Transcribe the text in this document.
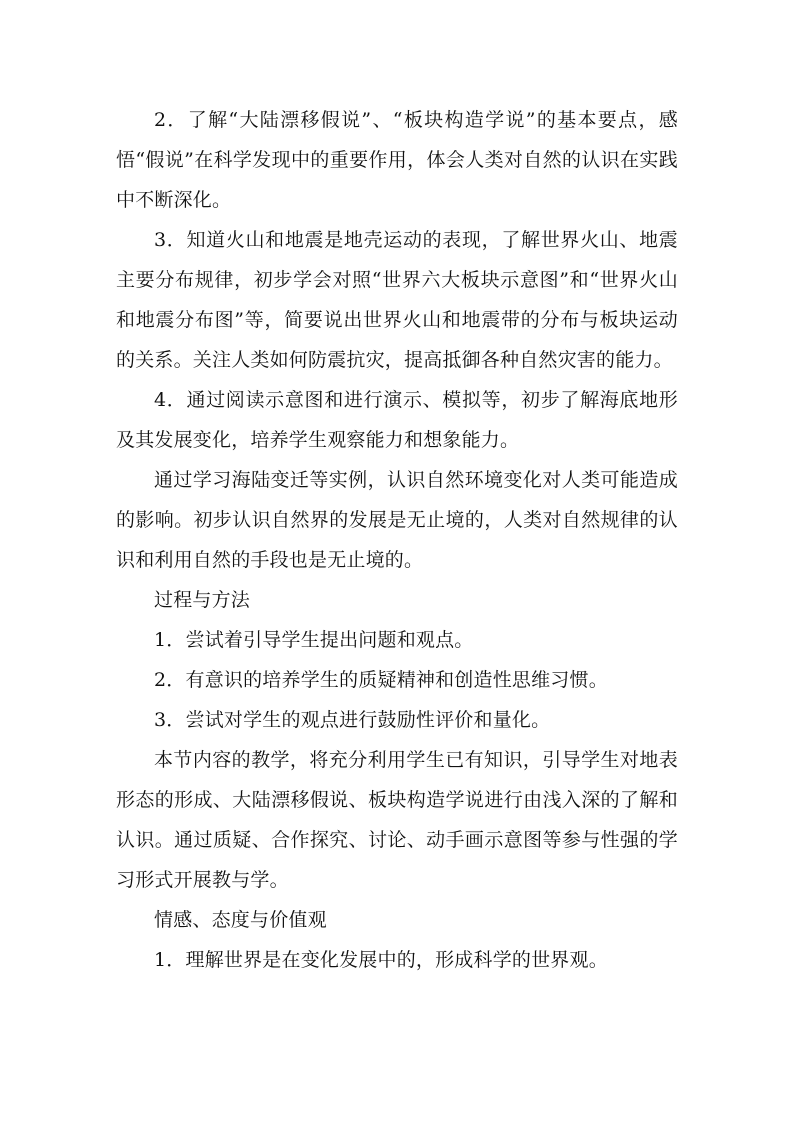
2．了解“大陆漂移假说”、“板块构造学说”的基本要点，感悟“假说”在科学发现中的重要作用，体会人类对自然的认识在实践中不断深化。

3．知道火山和地震是地壳运动的表现，了解世界火山、地震主要分布规律，初步学会对照“世界六大板块示意图”和“世界火山和地震分布图”等，简要说出世界火山和地震带的分布与板块运动的关系。关注人类如何防震抗灾，提高抵御各种自然灾害的能力。

4．通过阅读示意图和进行演示、模拟等，初步了解海底地形及其发展变化，培养学生观察能力和想象能力。

通过学习海陆变迁等实例，认识自然环境变化对人类可能造成的影响。初步认识自然界的发展是无止境的，人类对自然规律的认识和利用自然的手段也是无止境的。

过程与方法

1．尝试着引导学生提出问题和观点。

2．有意识的培养学生的质疑精神和创造性思维习惯。

3．尝试对学生的观点进行鼓励性评价和量化。

本节内容的教学，将充分利用学生已有知识，引导学生对地表形态的形成、大陆漂移假说、板块构造学说进行由浅入深的了解和认识。通过质疑、合作探究、讨论、动手画示意图等参与性强的学习形式开展教与学。

情感、态度与价值观

1．理解世界是在变化发展中的，形成科学的世界观。
